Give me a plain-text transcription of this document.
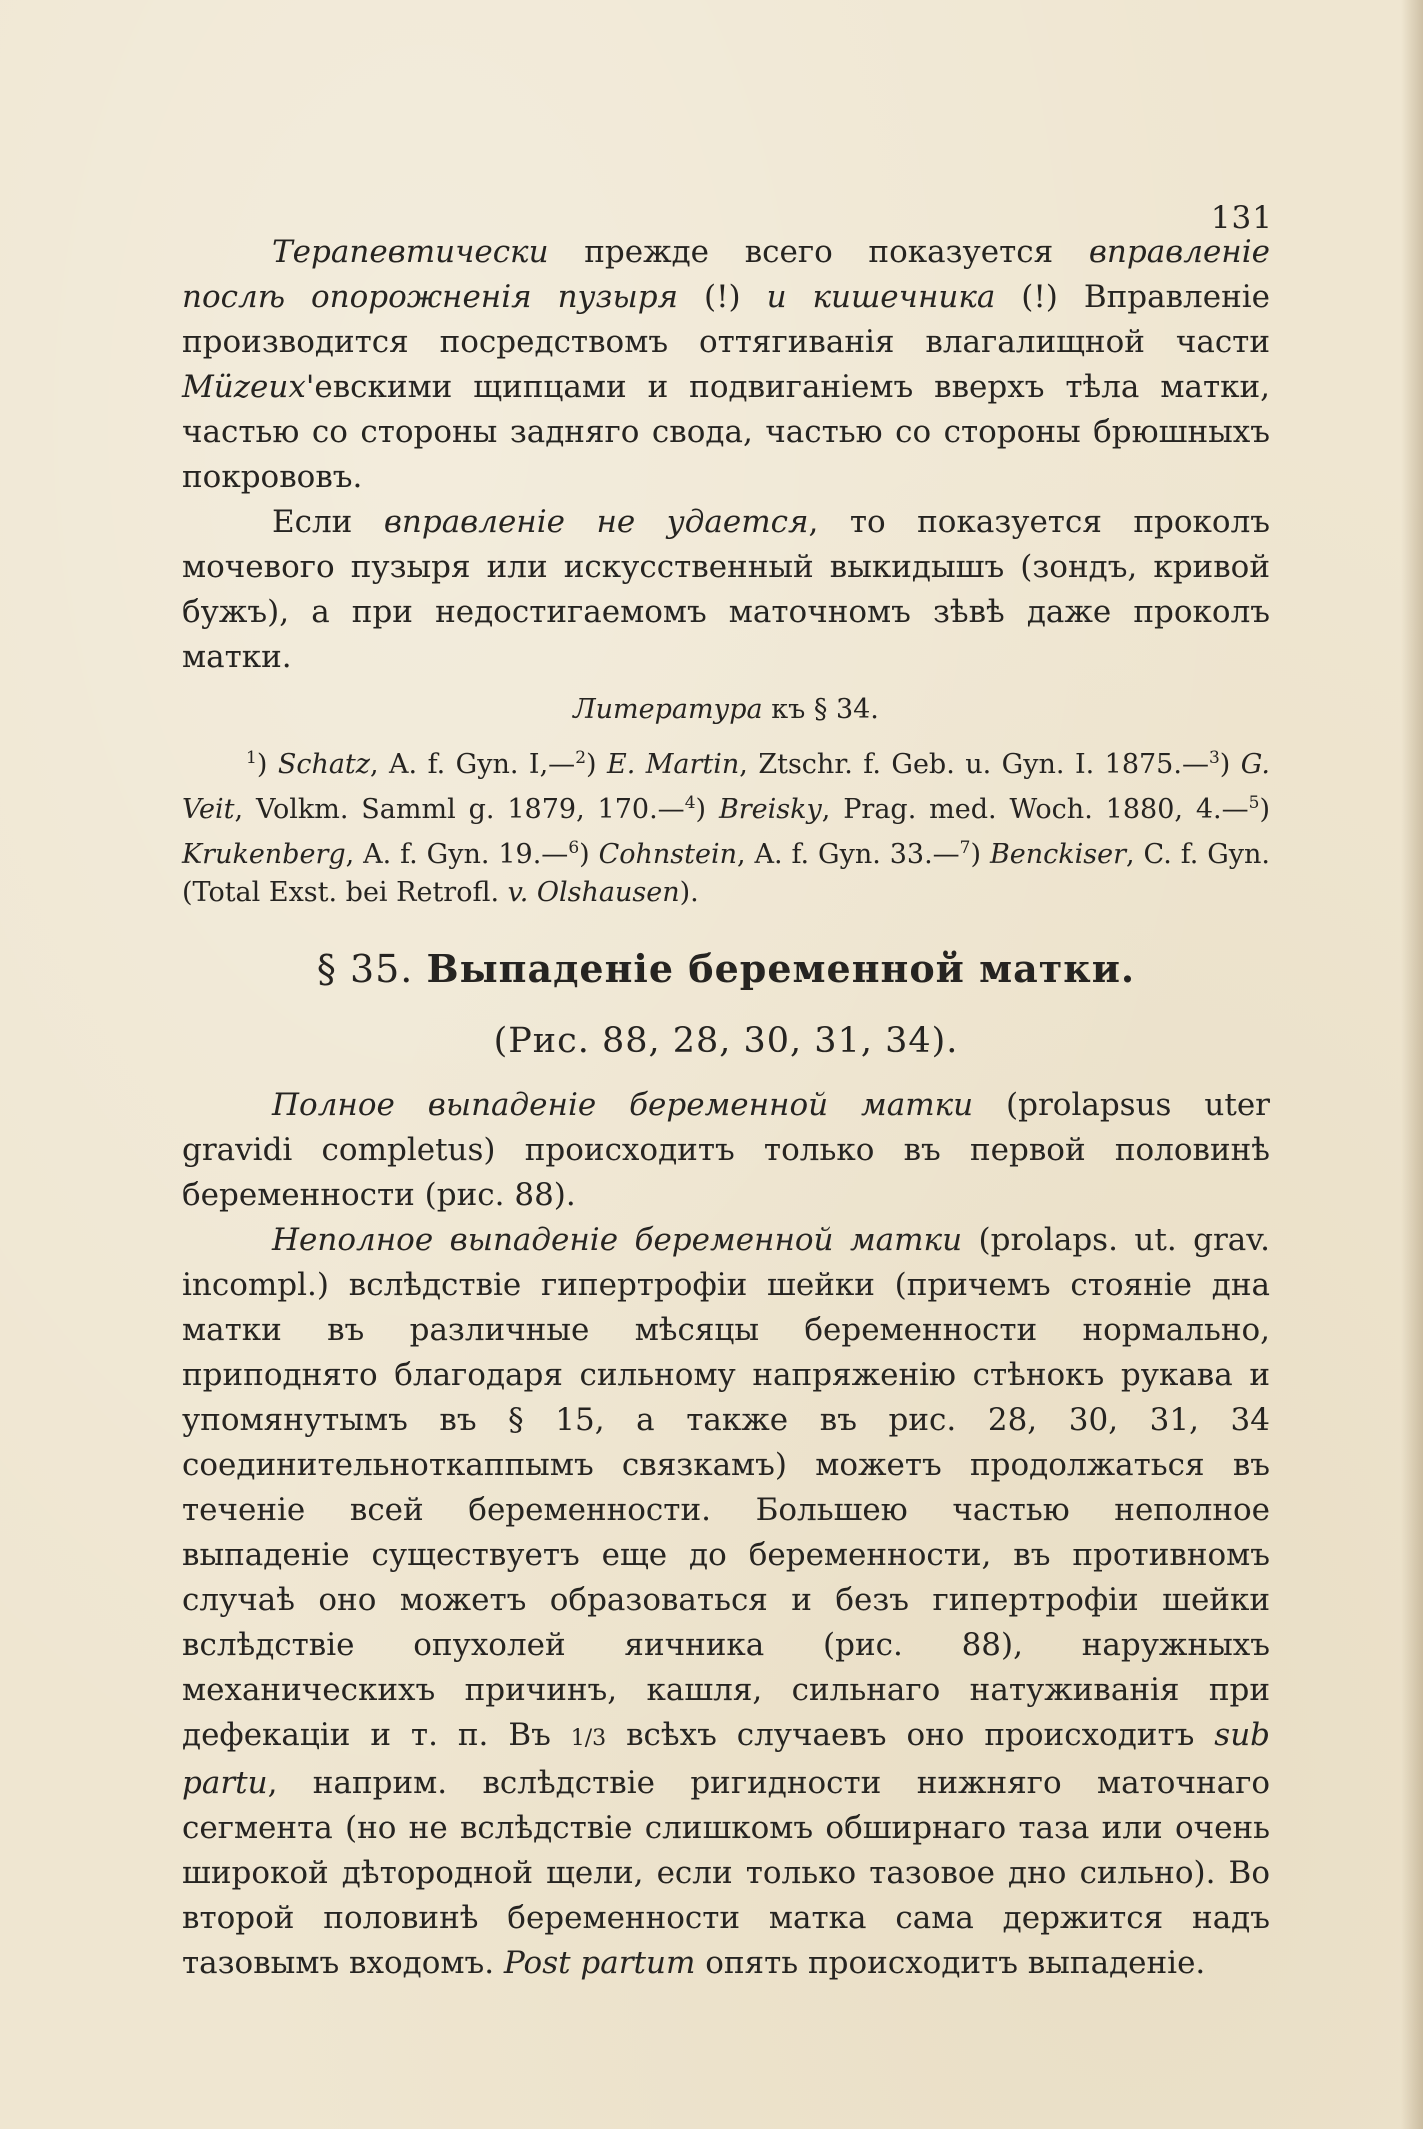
131

Терапевтически прежде всего показуется вправленіе послѣ опорожненія пузыря (!) и кишечника (!) Вправленіе производится посредствомъ оттягиванія влагалищной части Müzeux'евскими щипцами и подвиганіемъ вверхъ тѣла матки, частью со стороны задняго свода, частью со стороны брюшныхъ покрововъ.

Если вправленіе не удается, то показуется проколъ мочевого пузыря или искусственный выкидышъ (зондъ, кривой бужъ), а при недостигаемомъ маточномъ зѣвѣ даже проколъ матки.

Литература къ § 34.

$^1$) Schatz, A. f. Gyn. I,—$^2$) E. Martin, Ztschr. f. Geb. u. Gyn. I. 1875.—$^3$) G. Veit, Volkm. Samml g. 1879, 170.—$^4$) Breisky, Prag. med. Woch. 1880, 4.—$^5$) Krukenberg, A. f. Gyn. 19.—$^6$) Cohnstein, A. f. Gyn. 33.—$^7$) Benckiser, C. f. Gyn. (Total Exst. bei Retrofl. v. Olshausen).

§ 35. Выпаденіе беременной матки.
(Рис. 88, 28, 30, 31, 34).

Полное выпаденіе беременной матки (prolapsus uter gravidi completus) происходитъ только въ первой половинѣ беременности (рис. 88).

Неполное выпаденіе беременной матки (prolaps. ut. grav. incompl.) вслѣдствіе гипертрофіи шейки (причемъ стояніе дна матки въ различные мѣсяцы беременности нормально, приподнято благодаря сильному напряженію стѣнокъ рукава и упомянутымъ въ § 15, а также въ рис. 28, 30, 31, 34 соединительноткаппымъ связкамъ) можетъ продолжаться въ теченіе всей беременности. Большею частью неполное выпаденіе существуетъ еще до беременности, въ противномъ случаѣ оно можетъ образоваться и безъ гипертрофіи шейки вслѣдствіе опухолей яичника (рис. 88), наружныхъ механическихъ причинъ, кашля, сильнаго натуживанія при дефекаціи и т. п. Въ 1/3 всѣхъ случаевъ оно происходитъ sub partu, наприм. вслѣдствіе ригидности нижняго маточнаго сегмента (но не вслѣдствіе слишкомъ обширнаго таза или очень широкой дѣтородной щели, если только тазовое дно сильно). Во второй половинѣ беременности матка сама держится надъ тазовымъ входомъ. Post partum опять происходитъ выпаденіе.
